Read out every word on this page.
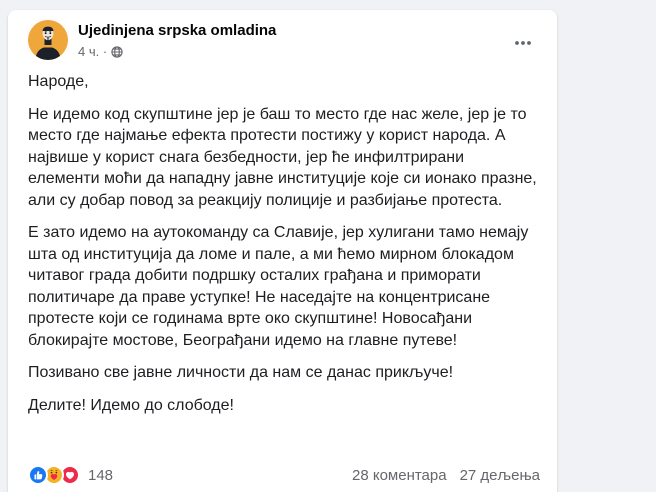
Ujedinjena srpska omladina
4 ч. ·

Народе,

Не идемо код скупштине јер је баш то место где нас желе, јер је то место где најмање ефекта протести постижу у корист народа. А највише у корист снага безбедности, јер ће инфилтрирани елементи моћи да нападну јавне институције које си ионако празне, али су добар повод за реакцију полиције и разбијање протеста.

Е зато идемо на аутокоманду са Славије, јер хулигани тамо немају шта од институција да ломе и пале, а ми ћемо мирном блокадом читавог града добити подршку осталих грађана и приморати политичаре да праве уступке! Не наседајте на концентрисане протесте који се годинама врте око скупштине! Новосађани блокирајте мостове, Београђани идемо на главне путеве!

Позивано све јавне личности да нам се данас прикључе!

Делите! Идемо до слободе!

148	28 коментара 27 дељења
